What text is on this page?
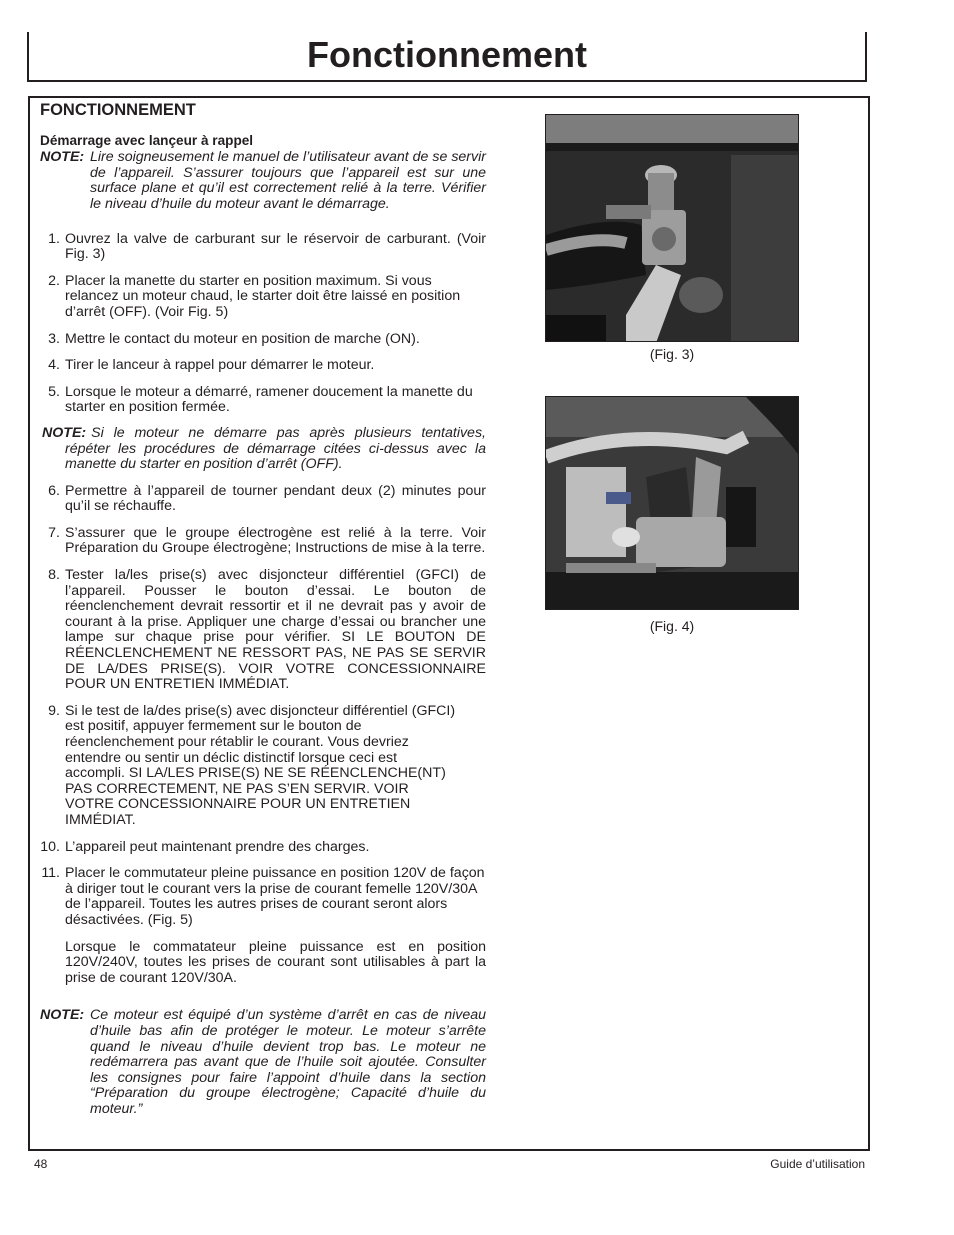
Fonctionnement
FONCTIONNEMENT
Démarrage avec lançeur à rappel

NOTE: Lire soigneusement le manuel de l’utilisateur avant de se servir de l’appareil. S’assurer toujours que l’appareil est sur une surface plane et qu’il est correctement relié à la terre. Vérifier le niveau d’huile du moteur avant le démarrage.

1. Ouvrez la valve de carburant sur le réservoir de carburant. (Voir Fig. 3)
2. Placer la manette du starter en position maximum. Si vous relancez un moteur chaud, le starter doit être laissé en position d’arrêt (OFF). (Voir Fig. 5)
3. Mettre le contact du moteur en position de marche (ON).
4. Tirer le lanceur à rappel pour démarrer le moteur.
5. Lorsque le moteur a démarré, ramener doucement la manette du starter en position fermée.

NOTE: Si le moteur ne démarre pas après plusieurs tentatives, répéter les procédures de démarrage citées ci-dessus avec la manette du starter en position d’arrêt (OFF).

6. Permettre à l’appareil de tourner pendant deux (2) minutes pour qu’il se réchauffe.
7. S’assurer que le groupe électrogène est relié à la terre. Voir Préparation du Groupe électrogène; Instructions de mise à la terre.
8. Tester la/les prise(s) avec disjoncteur différentiel (GFCI) de l’appareil. Pousser le bouton d’essai. Le bouton de réenclenchement devrait ressortir et il ne devrait pas y avoir de courant à la prise. Appliquer une charge d’essai ou brancher une lampe sur chaque prise pour vérifier. SI LE BOUTON DE RÉENCLENCHEMENT NE RESSORT PAS, NE PAS SE SERVIR DE LA/DES PRISE(S). VOIR VOTRE CONCESSIONNAIRE POUR UN ENTRETIEN IMMÉDIAT.
9. Si le test de la/des prise(s) avec disjoncteur différentiel (GFCI) est positif, appuyer fermement sur le bouton de réenclenchement pour rétablir le courant. Vous devriez entendre ou sentir un déclic distinctif lorsque ceci est accompli. SI LA/LES PRISE(S) NE SE RÉENCLENCHE(NT) PAS CORRECTEMENT, NE PAS S’EN SERVIR. VOIR VOTRE CONCESSIONNAIRE POUR UN ENTRETIEN IMMÉDIAT.
10. L’appareil peut maintenant prendre des charges.
11. Placer le commutateur pleine puissance en position 120V de façon à diriger tout le courant vers la prise de courant femelle 120V/30A de l’appareil. Toutes les autres prises de courant seront alors désactivées. (Fig. 5)

Lorsque le commatateur pleine puissance est en position 120V/240V, toutes les prises de courant sont utilisables à part la prise de courant 120V/30A.

NOTE: Ce moteur est équipé d’un système d’arrêt en cas de niveau d’huile bas afin de protéger le moteur. Le moteur s’arrête quand le niveau d’huile devient trop bas. Le moteur ne redémarrera pas avant que de l’huile soit ajoutée. Consulter les consignes pour faire l’appoint d’huile dans la section “Préparation du groupe électrogène; Capacité d’huile du moteur.”

(Fig. 3)
(Fig. 4)
48	Guide d’utilisation
